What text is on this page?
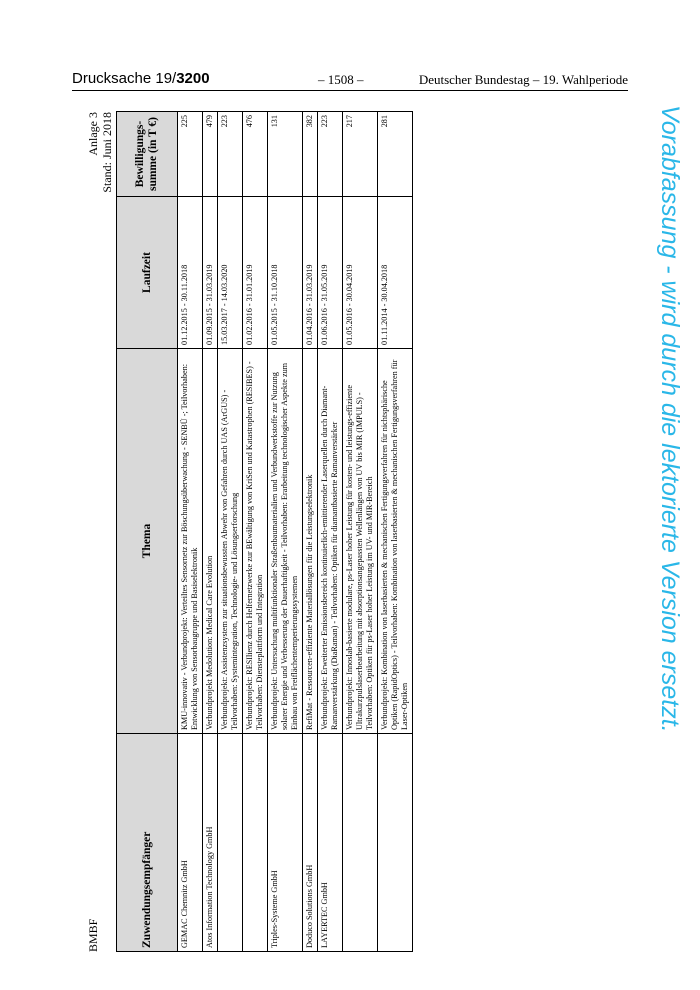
Drucksache 19/3200	– 1508 –	Deutscher Bundestag – 19. Wahlperiode
BMBF
Anlage 3 Stand: Juni 2018
Zuwendungsempfänger	Thema	Laufzeit	Bewilligungs-summe (in T €)
GEMAC Chemnitz GmbH	KMU-innovativ - Verbundprojekt: Verteiltes Sensornetz zur Böschungsüberwachung - SENBÜ -; Teilvorhaben: Entwicklung von Sensorbaugruppe und Basiselektronik	01.12.2015 - 30.11.2018	225
Atos Information Technology GmbH	Verbundprojekt Medolution: Medical Care Evolution	01.09.2015 - 31.03.2019	479
	Verbundprojekt: Assistenzsystem zur situationsbewussten Abwehr von Gefahren durch UAS (ArGUS) - Teilvorhaben: Systemintegration, Technologie- und Lösungserforschung	15.03.2017 - 14.03.2020	223
	Verbundprojekt: RESIlienz durch Helfernetzwerke zur BEwältigung von KriSen und Katastrophen (RESIBES) - Teilvorhaben: Diensteplattform und Integration	01.02.2016 - 31.01.2019	476
Triples-Systeme GmbH	Verbundprojekt: Untersuchung multifunktionaler Straßenbaumaterialien und Verbundwerkstoffe zur Nutzung solarer Energie und Verbesserung der Dauerhaftigkeit - Teilvorhaben: Erarbeitung technologischer Aspekte zum Einbau von Freiflächentemperierungssystemen	01.05.2015 - 31.10.2018	131
Doduco Solutions GmbH	RefiMat - Ressourcen-effiziente Materiallösungen für die Leistungselektronik	01.04.2016 - 31.03.2019	382
LAYERTEC GmbH	Verbundprojekt: Erweiterter Emissionsbereich kontinuierlich-emittierender Laserquellen durch Diamant-Ramanverstärkung (DiaRaman) - Teilvorhaben: Optiken für diamantbasierte Ramanverstärker	01.06.2016 - 31.05.2019	223
	Verbundprojekt: Innoslab-basierte modulare, ps-Laser hoher Leistung für kosten- und leistungs-effiziente Ultrakurzpulslaserbearbeitung mit absorptionsangepassten Wellenlängen von UV bis MIR (IMPULS) - Teilvorhaben: Optiken für ps-Laser hoher Leistung im UV- und MIR-Bereich	01.05.2016 - 30.04.2019	217
	Verbundprojekt: Kombination von laserbasierten & mechanischen Fertigungsverfahren für nichtsphärische Optiken (RapidOptics) - Teilvorhaben: Kombination von laserbasierten & mechanischen Fertigungsverfahren für Laser-Optiken	01.11.2014 - 30.04.2018	281	Vorabfassung - wird durch die lektorierte Version ersetzt.
